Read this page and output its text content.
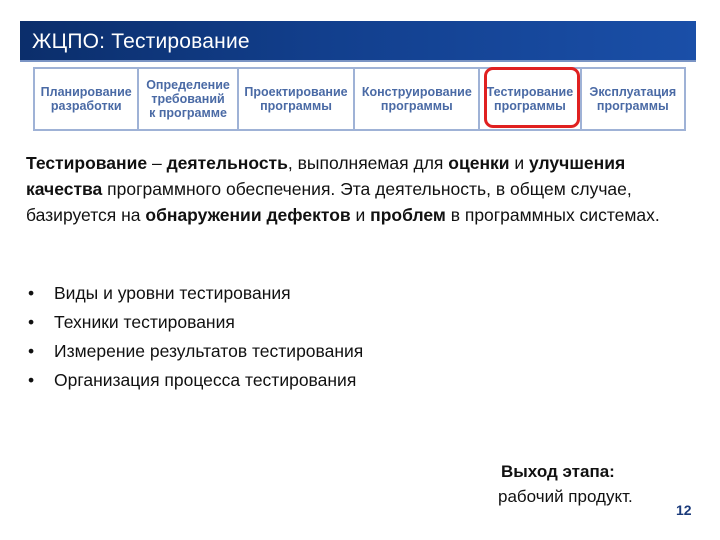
ЖЦПО: Тестирование
Планирование
разработки
Определение
требований
к программе
Проектирование
программы
Конструирование
программы
Тестирование
программы
Эксплуатация
программы
Тестирование – деятельность, выполняемая для оценки и улучшения качества программного обеспечения. Эта деятельность, в общем случае, базируется на обнаружении дефектов и проблем в программных системах.
• Виды и уровни тестирования
• Техники тестирования
• Измерение результатов тестирования
• Организация процесса тестирования
Выход этапа:
рабочий продукт.
12
